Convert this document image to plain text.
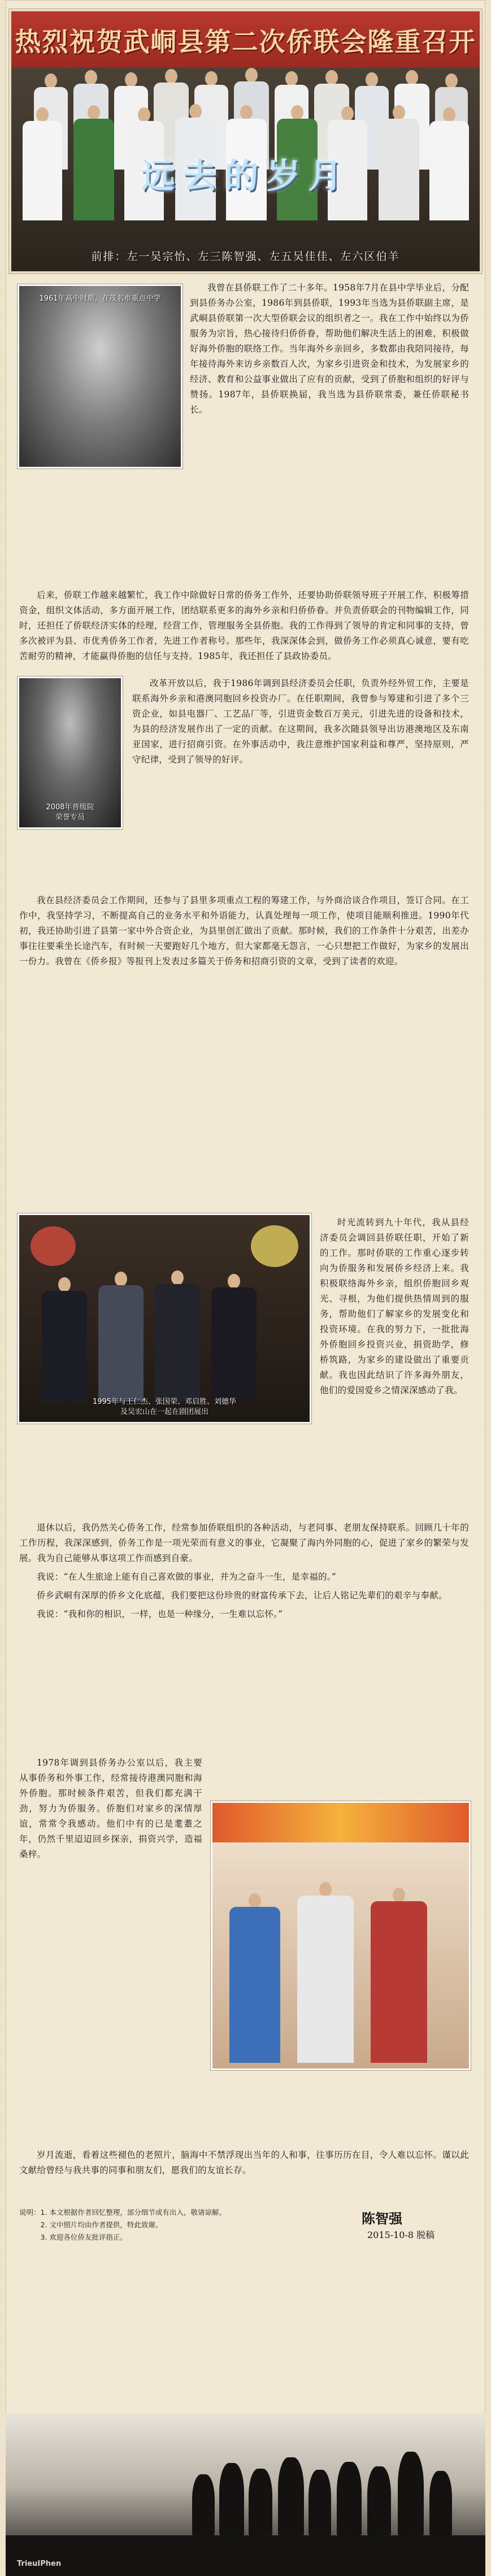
热烈祝贺武峒县第二次侨联会隆重召开
远去的岁月
前排：左一吴宗怡、左三陈智强、左五吴佳佳、左六区伯羊
1961年高中时期，在茂名市重点中学

我曾在县侨联工作了二十多年。1958年7月在县中学毕业后，分配到县侨务办公室，1986年到县侨联，1993年当选为县侨联副主席，是武峒县侨联第一次大型侨联会议的组织者之一。我在工作中始终以为侨服务为宗旨，热心接待归侨侨眷，帮助他们解决生活上的困难，积极做好海外侨胞的联络工作。当年海外乡亲回乡，多数都由我陪同接待，每年接待海外来访乡亲数百人次，为家乡引进资金和技术，为发展家乡的经济、教育和公益事业做出了应有的贡献，受到了侨胞和组织的好评与赞扬。1987年，县侨联换届，我当选为县侨联常委，兼任侨联秘书长。

后来，侨联工作越来越繁忙，我工作中除做好日常的侨务工作外，还要协助侨联领导班子开展工作，积极筹措资金，组织文体活动，多方面开展工作，团结联系更多的海外乡亲和归侨侨眷。并负责侨联会的刊物编辑工作，同时，还担任了侨联经济实体的经理，经营工作，管理服务全县侨胞。我的工作得到了领导的肯定和同事的支持，曾多次被评为县、市优秀侨务工作者，先进工作者称号。那些年，我深深体会到，做侨务工作必须真心诚意，要有吃苦耐劳的精神，才能赢得侨胞的信任与支持。1985年，我还担任了县政协委员。

2008年晋级院
荣誉专员

改革开放以后，我于1986年调到县经济委员会任职，负责外经外贸工作，主要是联系海外乡亲和港澳同胞回乡投资办厂。在任职期间，我曾参与筹建和引进了多个三资企业，如县电器厂、工艺品厂等，引进资金数百万美元，引进先进的设备和技术，为县的经济发展作出了一定的贡献。在这期间，我多次随县领导出访港澳地区及东南亚国家，进行招商引资。在外事活动中，我注意维护国家利益和尊严，坚持原则，严守纪律，受到了领导的好评。

我在县经济委员会工作期间，还参与了县里多项重点工程的筹建工作，与外商洽谈合作项目，签订合同。在工作中，我坚持学习，不断提高自己的业务水平和外语能力，认真处理每一项工作，使项目能顺利推进。1990年代初，我还协助引进了县第一家中外合资企业，为县里创汇做出了贡献。那时候，我们的工作条件十分艰苦，出差办事往往要乘坐长途汽车，有时候一天要跑好几个地方，但大家都毫无怨言，一心只想把工作做好，为家乡的发展出一份力。我曾在《侨乡报》等报刊上发表过多篇关于侨务和招商引资的文章，受到了读者的欢迎。

1995年与王仁杰、张国荣、邓启胜、刘德华
及吴宏山在一起在剧团展出

时光流转到九十年代，我从县经济委员会调回县侨联任职，开始了新的工作。那时侨联的工作重心逐步转向为侨服务和发展侨乡经济上来。我积极联络海外乡亲，组织侨胞回乡观光、寻根，为他们提供热情周到的服务，帮助他们了解家乡的发展变化和投资环境。在我的努力下，一批批海外侨胞回乡投资兴业，捐资助学，修桥筑路，为家乡的建设做出了重要贡献。我也因此结识了许多海外朋友，他们的爱国爱乡之情深深感动了我。

退休以后，我仍然关心侨务工作，经常参加侨联组织的各种活动，与老同事、老朋友保持联系。回顾几十年的工作历程，我深深感到，侨务工作是一项光荣而有意义的事业，它凝聚了海内外同胞的心，促进了家乡的繁荣与发展。我为自己能够从事这项工作而感到自豪。

我说：“在人生旅途上能有自己喜欢做的事业，并为之奋斗一生，是幸福的。”

侨乡武峒有深厚的侨乡文化底蕴，我们要把这份珍贵的财富传承下去，让后人铭记先辈们的艰辛与奉献。

我说：“我和你的相识，一样，也是一种缘分，一生难以忘怀。”

1978年调到县侨务办公室以后，我主要从事侨务和外事工作，经常接待港澳同胞和海外侨胞。那时候条件艰苦，但我们都充满干劲，努力为侨服务。侨胞们对家乡的深情厚谊，常常令我感动。他们中有的已是耄耋之年，仍然千里迢迢回乡探亲，捐资兴学，造福桑梓。

岁月流逝，看着这些褪色的老照片，脑海中不禁浮现出当年的人和事，往事历历在目，令人难以忘怀。谨以此文献给曾经与我共事的同事和朋友们，愿我们的友谊长存。

说明：1. 本文根据作者回忆整理，部分细节或有出入，敬请谅解。
2. 文中照片均由作者提供，特此致谢。
3. 欢迎各位侨友批评指正。
陈智强
2015-10-8 脱稿
TrieuIPhen
